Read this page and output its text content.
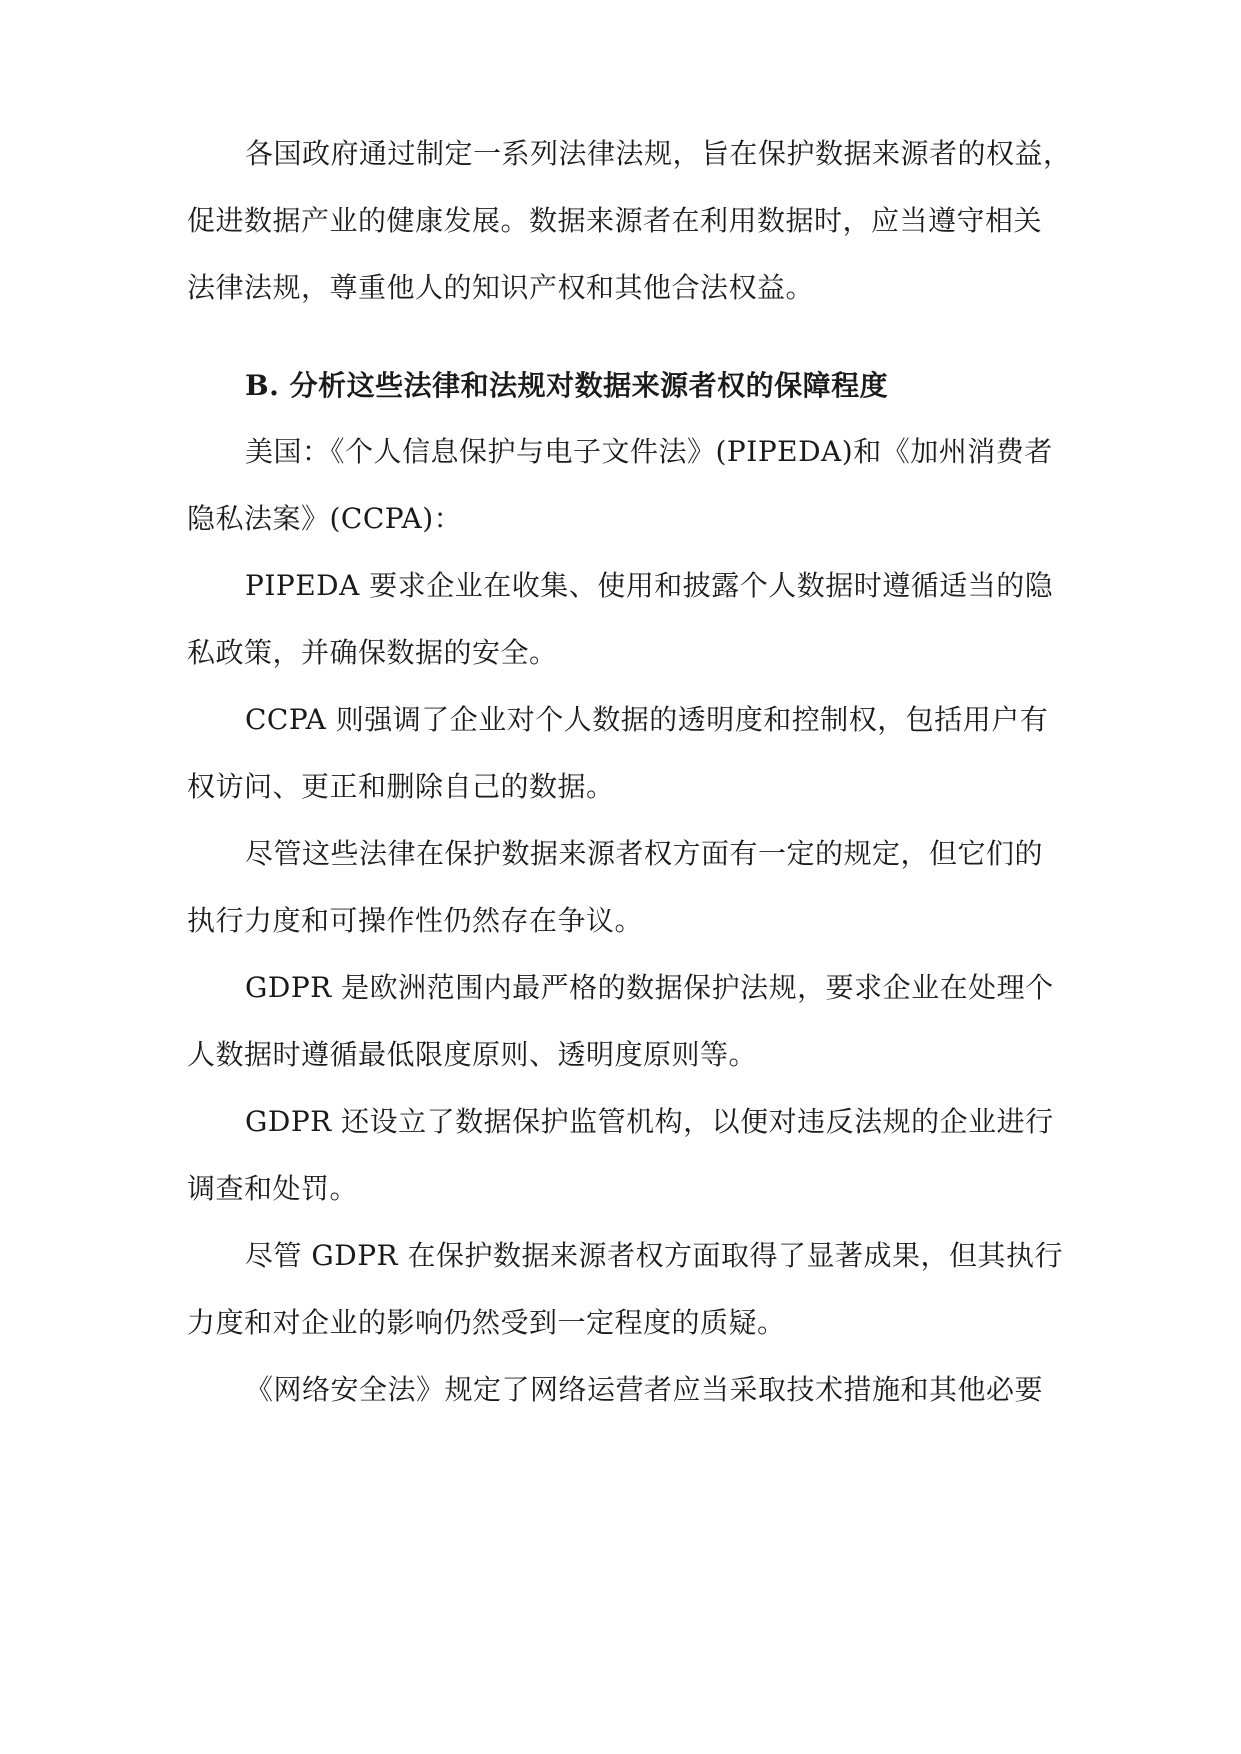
各国政府通过制定一系列法律法规，旨在保护数据来源者的权益，
促进数据产业的健康发展。数据来源者在利用数据时，应当遵守相关
法律法规，尊重他人的知识产权和其他合法权益。
B. 分析这些法律和法规对数据来源者权的保障程度
美国：《个人信息保护与电子文件法》(PIPEDA)和《加州消费者
隐私法案》(CCPA)：
PIPEDA 要求企业在收集、使用和披露个人数据时遵循适当的隐
私政策，并确保数据的安全。
CCPA 则强调了企业对个人数据的透明度和控制权，包括用户有
权访问、更正和删除自己的数据。
尽管这些法律在保护数据来源者权方面有一定的规定，但它们的
执行力度和可操作性仍然存在争议。
GDPR 是欧洲范围内最严格的数据保护法规，要求企业在处理个
人数据时遵循最低限度原则、透明度原则等。
GDPR 还设立了数据保护监管机构，以便对违反法规的企业进行
调查和处罚。
尽管 GDPR 在保护数据来源者权方面取得了显著成果，但其执行
力度和对企业的影响仍然受到一定程度的质疑。
《网络安全法》规定了网络运营者应当采取技术措施和其他必要
